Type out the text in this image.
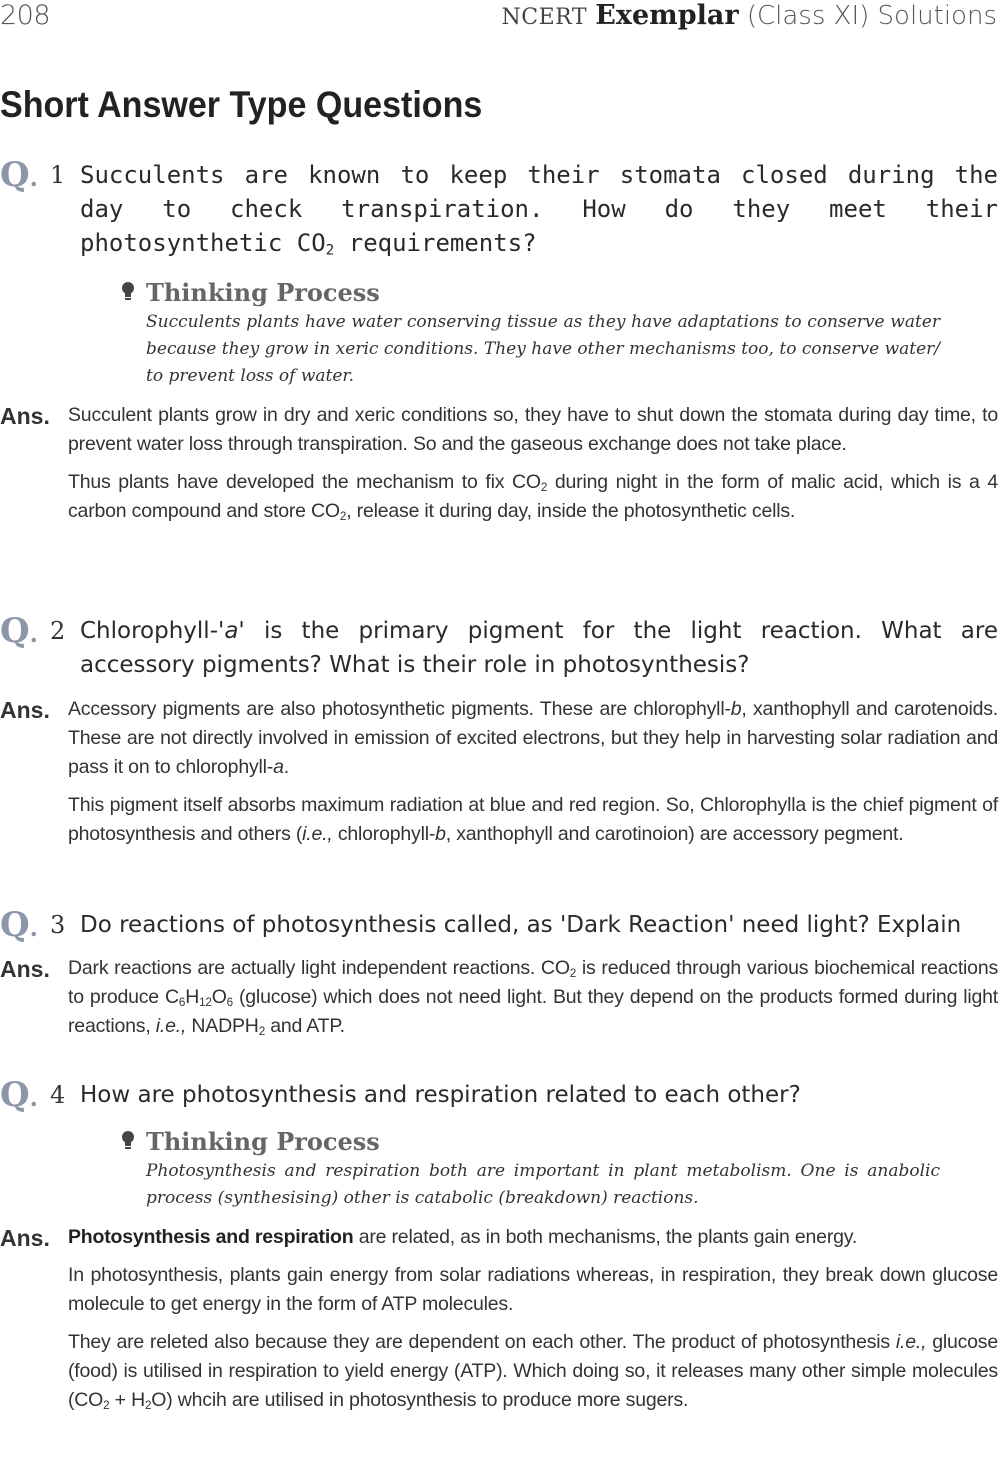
208	NCERT Exemplar (Class XI) Solutions
Short Answer Type Questions
Q. 1 Succulents are known to keep their stomata closed during the day to check transpiration. How do they meet their photosynthetic $CO_2$ requirements?
Thinking Process
Succulents plants have water conserving tissue as they have adaptations to conserve water because they grow in xeric conditions. They have other mechanisms too, to conserve water/ to prevent loss of water.
Ans. Succulent plants grow in dry and xeric conditions so, they have to shut down the stomata during day time, to prevent water loss through transpiration. So and the gaseous exchange does not take place.

Thus plants have developed the mechanism to fix $CO_2$ during night in the form of malic acid, which is a 4 carbon compound and store $CO_2$, release it during day, inside the photosynthetic cells.

Q. 2 Chlorophyll-'a' is the primary pigment for the light reaction. What are accessory pigments? What is their role in photosynthesis?
Ans. Accessory pigments are also photosynthetic pigments. These are chlorophyll-b, xanthophyll and carotenoids. These are not directly involved in emission of excited electrons, but they help in harvesting solar radiation and pass it on to chlorophyll-a.

This pigment itself absorbs maximum radiation at blue and red region. So, Chlorophylla is the chief pigment of photosynthesis and others (i.e., chlorophyll-b, xanthophyll and carotinoion) are accessory pegment.

Q. 3 Do reactions of photosynthesis called, as 'Dark Reaction' need light? Explain
Ans. Dark reactions are actually light independent reactions. $CO_2$ is reduced through various biochemical reactions to produce $C_6H_{12}O_6$ (glucose) which does not need light. But they depend on the products formed during light reactions, i.e., $NADPH_2$ and ATP.

Q. 4 How are photosynthesis and respiration related to each other?
Thinking Process
Photosynthesis and respiration both are important in plant metabolism. One is anabolic process (synthesising) other is catabolic (breakdown) reactions.
Ans. Photosynthesis and respiration are related, as in both mechanisms, the plants gain energy.

In photosynthesis, plants gain energy from solar radiations whereas, in respiration, they break down glucose molecule to get energy in the form of ATP molecules.

They are releted also because they are dependent on each other. The product of photosynthesis i.e., glucose (food) is utilised in respiration to yield energy (ATP). Which doing so, it releases many other simple molecules $(CO_2 + H_2O)$ whcih are utilised in photosynthesis to produce more sugers.
